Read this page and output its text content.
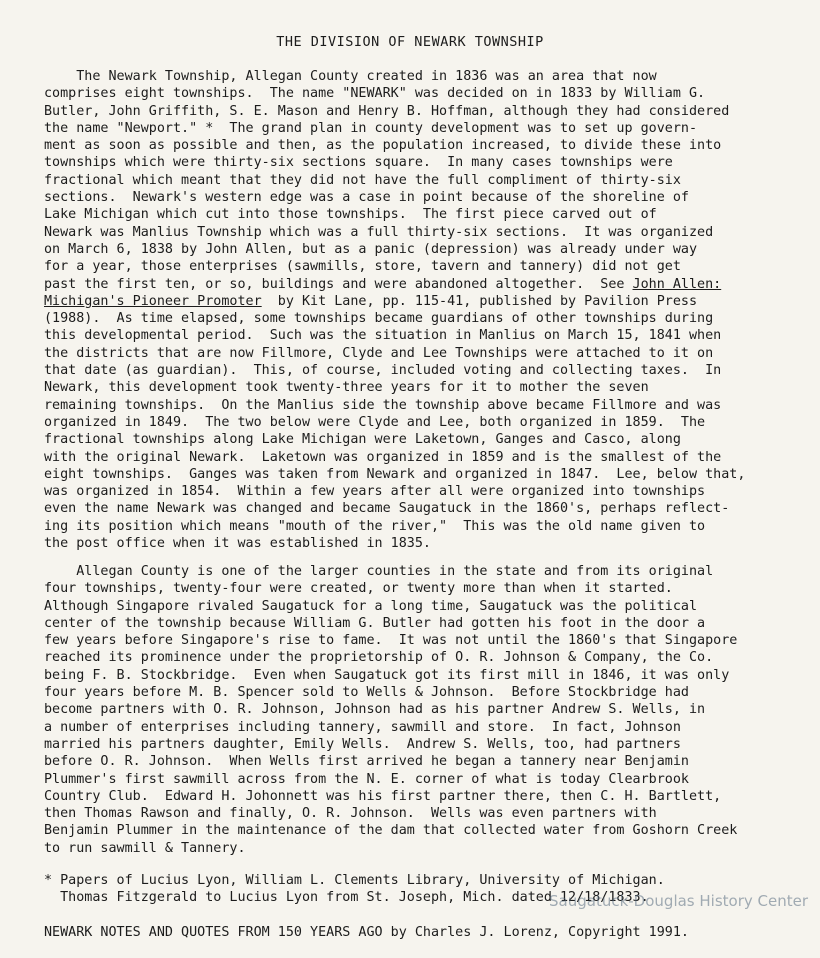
THE DIVISION OF NEWARK TOWNSHIP
The Newark Township, Allegan County created in 1836 was an area that now
comprises eight townships.  The name "NEWARK" was decided on in 1833 by William G.
Butler, John Griffith, S. E. Mason and Henry B. Hoffman, although they had considered
the name "Newport." *  The grand plan in county development was to set up govern-
ment as soon as possible and then, as the population increased, to divide these into
townships which were thirty-six sections square.  In many cases townships were
fractional which meant that they did not have the full compliment of thirty-six
sections.  Newark's western edge was a case in point because of the shoreline of
Lake Michigan which cut into those townships.  The first piece carved out of
Newark was Manlius Township which was a full thirty-six sections.  It was organized
on March 6, 1838 by John Allen, but as a panic (depression) was already under way
for a year, those enterprises (sawmills, store, tavern and tannery) did not get
past the first ten, or so, buildings and were abandoned altogether.  See John Allen:
Michigan's Pioneer Promoter  by Kit Lane, pp. 115-41, published by Pavilion Press
(1988).  As time elapsed, some townships became guardians of other townships during
this developmental period.  Such was the situation in Manlius on March 15, 1841 when
the districts that are now Fillmore, Clyde and Lee Townships were attached to it on
that date (as guardian).  This, of course, included voting and collecting taxes.  In
Newark, this development took twenty-three years for it to mother the seven
remaining townships.  On the Manlius side the township above became Fillmore and was
organized in 1849.  The two below were Clyde and Lee, both organized in 1859.  The
fractional townships along Lake Michigan were Laketown, Ganges and Casco, along
with the original Newark.  Laketown was organized in 1859 and is the smallest of the
eight townships.  Ganges was taken from Newark and organized in 1847.  Lee, below that,
was organized in 1854.  Within a few years after all were organized into townships
even the name Newark was changed and became Saugatuck in the 1860's, perhaps reflect-
ing its position which means "mouth of the river,"  This was the old name given to
the post office when it was established in 1835.
Allegan County is one of the larger counties in the state and from its original
four townships, twenty-four were created, or twenty more than when it started.
Although Singapore rivaled Saugatuck for a long time, Saugatuck was the political
center of the township because William G. Butler had gotten his foot in the door a
few years before Singapore's rise to fame.  It was not until the 1860's that Singapore
reached its prominence under the proprietorship of O. R. Johnson & Company, the Co.
being F. B. Stockbridge.  Even when Saugatuck got its first mill in 1846, it was only
four years before M. B. Spencer sold to Wells & Johnson.  Before Stockbridge had
become partners with O. R. Johnson, Johnson had as his partner Andrew S. Wells, in
a number of enterprises including tannery, sawmill and store.  In fact, Johnson
married his partners daughter, Emily Wells.  Andrew S. Wells, too, had partners
before O. R. Johnson.  When Wells first arrived he began a tannery near Benjamin
Plummer's first sawmill across from the N. E. corner of what is today Clearbrook
Country Club.  Edward H. Johonnett was his first partner there, then C. H. Bartlett,
then Thomas Rawson and finally, O. R. Johnson.  Wells was even partners with
Benjamin Plummer in the maintenance of the dam that collected water from Goshorn Creek
to run sawmill & Tannery.
* Papers of Lucius Lyon, William L. Clements Library, University of Michigan.
Thomas Fitzgerald to Lucius Lyon from St. Joseph, Mich. dated 12/18/1833.
Saugatuck-Douglas History Center
NEWARK NOTES AND QUOTES FROM 150 YEARS AGO by Charles J. Lorenz, Copyright 1991.
